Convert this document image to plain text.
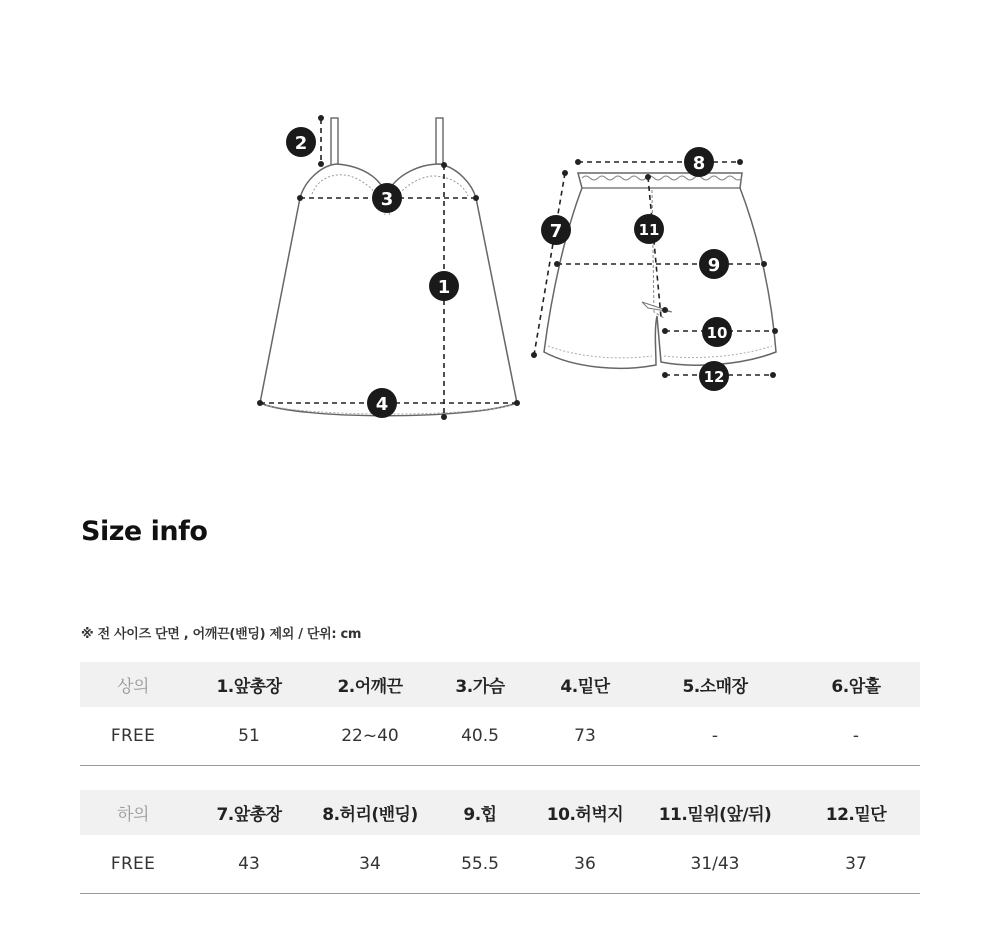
2
3
1
4
8
7	11
9
10
12
Size info

※ 전 사이즈 단면 , 어깨끈(밴딩) 제외 / 단위: cm

상의	1.앞총장	2.어깨끈	3.가슴	4.밑단	5.소매장	6.암홀
FREE	51	22~40	40.5	73	-	-
하의	7.앞총장	8.허리(밴딩)	9.힙	10.허벅지	11.밑위(앞/뒤)	12.밑단
FREE	43	34	55.5	36	31/43	37
